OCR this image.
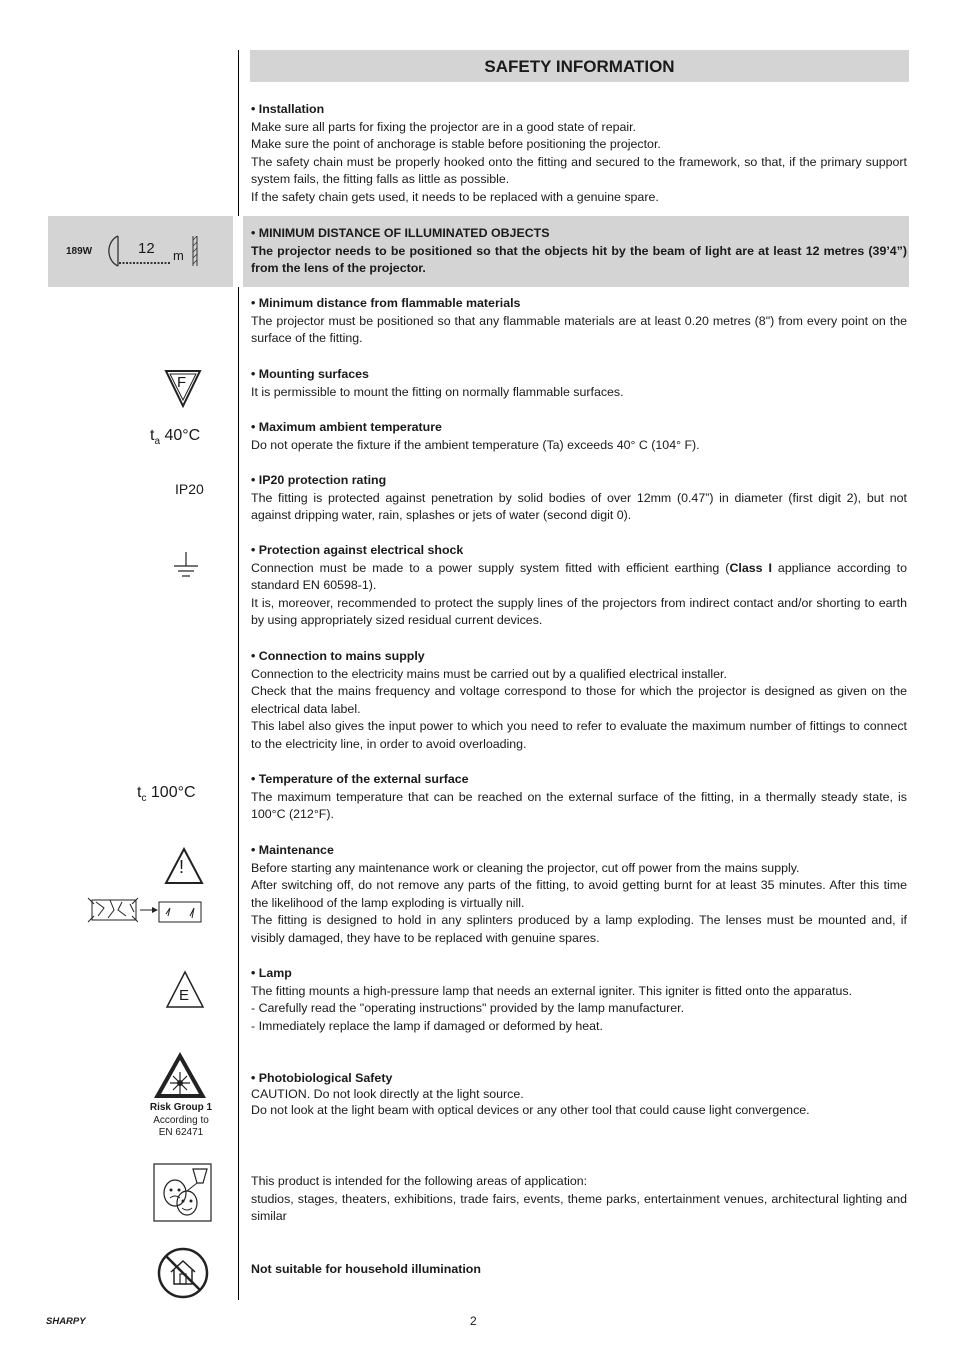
SAFETY INFORMATION

• Installation

Make sure all parts for fixing the projector are in a good state of repair.

Make sure the point of anchorage is stable before positioning the projector.

The safety chain must be properly hooked onto the fitting and secured to the framework, so that, if the primary support system fails, the fitting falls as little as possible.

If the safety chain gets used, it needs to be replaced with a genuine spare.

189W	12 m

• MINIMUM DISTANCE OF ILLUMINATED OBJECTS

The projector needs to be positioned so that the objects hit by the beam of light are at least 12 metres (39’4”) from the lens of the projector.

• Minimum distance from flammable materials

The projector must be positioned so that any flammable materials are at least 0.20 metres (8") from every point on the surface of the fitting.

F	• Mounting surfaces

It is permissible to mount the fitting on normally flammable surfaces.

$t_a$ 40°C	• Maximum ambient temperature

Do not operate the fixture if the ambient temperature (Ta) exceeds 40° C (104° F).

IP20

• IP20 protection rating

The fitting is protected against penetration by solid bodies of over 12mm (0.47”) in diameter (first digit 2), but not against dripping water, rain, splashes or jets of water (second digit 0).

• Protection against electrical shock

Connection must be made to a power supply system fitted with efficient earthing (Class I appliance according to standard EN 60598-1).

It is, moreover, recommended to protect the supply lines of the projectors from indirect contact and/or shorting to earth by using appropriately sized residual current devices.

• Connection to mains supply

Connection to the electricity mains must be carried out by a qualified electrical installer.

Check that the mains frequency and voltage correspond to those for which the projector is designed as given on the electrical data label.

This label also gives the input power to which you need to refer to evaluate the maximum number of fittings to connect to the electricity line, in order to avoid overloading.

$t_c$ 100°C

• Temperature of the external surface

The maximum temperature that can be reached on the external surface of the fitting, in a thermally steady state, is 100°C (212°F).

!

• Maintenance

Before starting any maintenance work or cleaning the projector, cut off power from the mains supply.

After switching off, do not remove any parts of the fitting, to avoid getting burnt for at least 35 minutes. After this time the likelihood of the lamp exploding is virtually nill.

The fitting is designed to hold in any splinters produced by a lamp exploding. The lenses must be mounted and, if visibly damaged, they have to be replaced with genuine spares.

E

• Lamp

The fitting mounts a high-pressure lamp that needs an external igniter. This igniter is fitted onto the apparatus.

- Carefully read the "operating instructions" provided by the lamp manufacturer.

- Immediately replace the lamp if damaged or deformed by heat.

Risk Group 1
According to
EN 62471

• Photobiological Safety

CAUTION. Do not look directly at the light source.

Do not look at the light beam with optical devices or any other tool that could cause light convergence.

This product is intended for the following areas of application:

studios, stages, theaters, exhibitions, trade fairs, events, theme parks, entertainment venues, architectural lighting and similar

Not suitable for household illumination

SHARPY	2
